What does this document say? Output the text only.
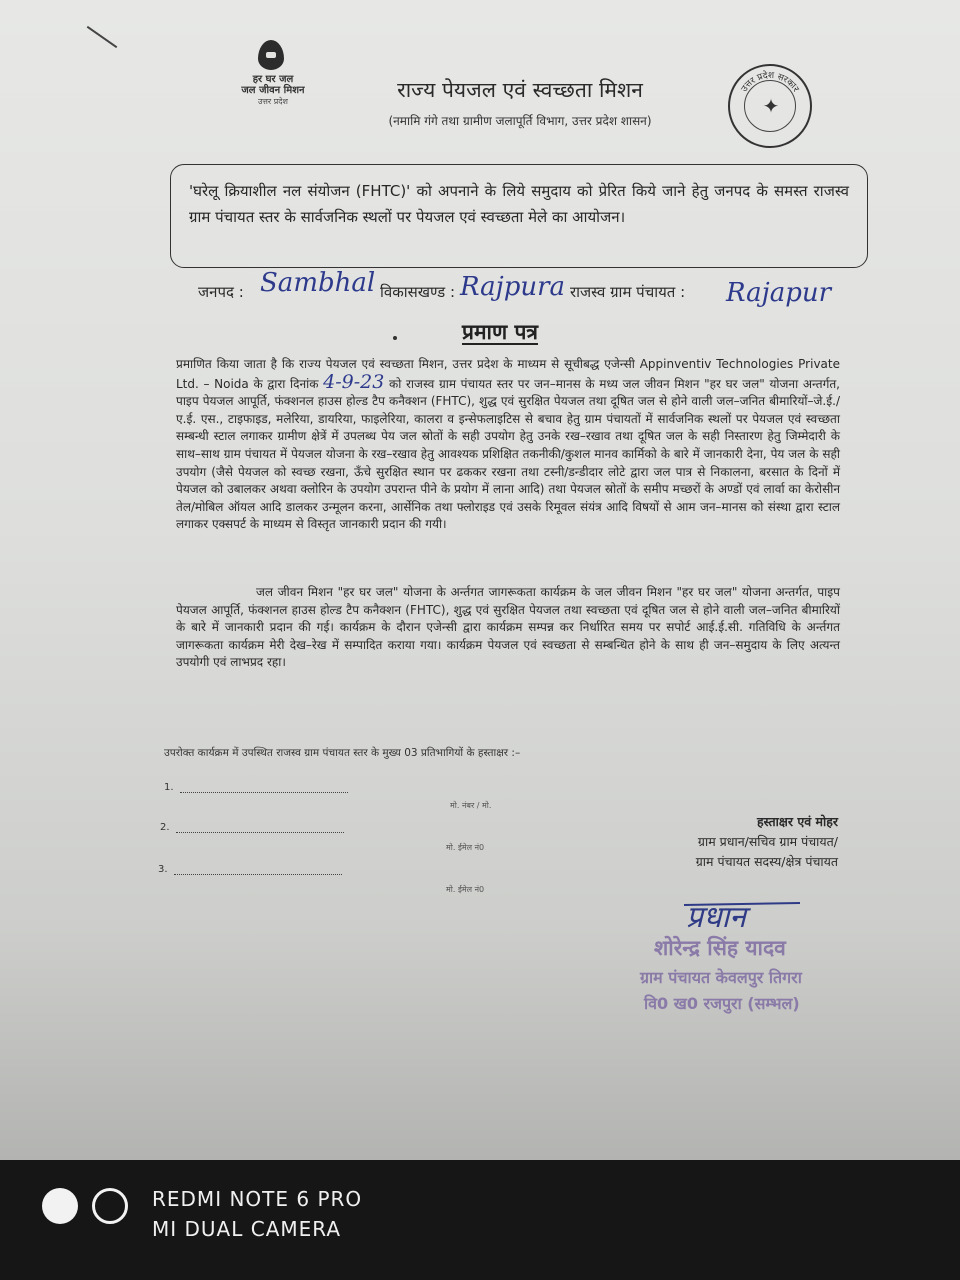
हर घर जल
जल जीवन मिशन
उत्तर प्रदेश
उत्तर प्रदेश सरकार
✦
राज्य पेयजल एवं स्वच्छता मिशन
(नमामि गंगे तथा ग्रामीण जलापूर्ति विभाग, उत्तर प्रदेश शासन)
'घरेलू क्रियाशील नल संयोजन (FHTC)' को अपनाने के लिये समुदाय को प्रेरित किये जाने हेतु जनपद के समस्त राजस्व ग्राम पंचायत स्तर के सार्वजनिक स्थलों पर पेयजल एवं स्वच्छता मेले का आयोजन।
जनपद : Sambhal विकासखण्ड : Rajpura राजस्व ग्राम पंचायत : Rajapur
प्रमाण पत्र
प्रमाणित किया जाता है कि राज्य पेयजल एवं स्वच्छता मिशन, उत्तर प्रदेश के माध्यम से सूचीबद्ध एजेन्सी Appinventiv Technologies Private Ltd. – Noida के द्वारा दिनांक 4-9-23 को राजस्व ग्राम पंचायत स्तर पर जन–मानस के मध्य जल जीवन मिशन "हर घर जल" योजना अन्तर्गत, पाइप पेयजल आपूर्ति, फंक्शनल हाउस होल्ड टैप कनैक्शन (FHTC), शुद्ध एवं सुरक्षित पेयजल तथा दूषित जल से होने वाली जल–जनित बीमारियों–जे.ई./ए.ई. एस., टाइफाइड, मलेरिया, डायरिया, फाइलेरिया, कालरा व इन्सेफलाइटिस से बचाव हेतु ग्राम पंचायतों में सार्वजनिक स्थलों पर पेयजल एवं स्वच्छता सम्बन्धी स्टाल लगाकर ग्रामीण क्षेत्रें में उपलब्ध पेय जल स्रोतों के सही उपयोग हेतु उनके रख–रखाव तथा दूषित जल के सही निस्तारण हेतु जिम्मेदारी के साथ–साथ ग्राम पंचायत में पेयजल योजना के रख–रखाव हेतु आवश्यक प्रशिक्षित तकनीकी/कुशल मानव कार्मिको के बारे में जानकारी देना, पेय जल के सही उपयोग (जैसे पेयजल को स्वच्छ रखना, ऊँचे सुरक्षित स्थान पर ढककर रखना तथा टस्नी/डन्डीदार लोटे द्वारा जल पात्र से निकालना, बरसात के दिनों में पेयजल को उबालकर अथवा क्लोरिन के उपयोग उपरान्त पीने के प्रयोग में लाना आदि) तथा पेयजल स्रोतों के समीप मच्छरों के अण्डों एवं लार्वा का केरोसीन तेल/मोबिल ऑयल आदि डालकर उन्मूलन करना, आर्सेनिक तथा फ्लोराइड एवं उसके रिमूवल संयंत्र आदि विषयों से आम जन–मानस को संस्था द्वारा स्टाल लगाकर एक्सपर्ट के माध्यम से विस्तृत जानकारी प्रदान की गयी।
जल जीवन मिशन "हर घर जल" योजना के अर्न्तगत जागरूकता कार्यक्रम के जल जीवन मिशन "हर घर जल" योजना अन्तर्गत, पाइप पेयजल आपूर्ति, फंक्शनल हाउस होल्ड टैप कनैक्शन (FHTC), शुद्ध एवं सुरक्षित पेयजल तथा स्वच्छता एवं दूषित जल से होने वाली जल–जनित बीमारियों के बारे में जानकारी प्रदान की गई। कार्यक्रम के दौरान एजेन्सी द्वारा कार्यक्रम सम्पन्न कर निर्धारित समय पर सपोर्ट आई.ई.सी. गतिविधि के अर्न्तगत जागरूकता कार्यक्रम मेरी देख–रेख में सम्पादित कराया गया। कार्यक्रम पेयजल एवं स्वच्छता से सम्बन्धित होने के साथ ही जन–समुदाय के लिए अत्यन्त उपयोगी एवं लाभप्रद रहा।
उपरोक्त कार्यक्रम में उपस्थित राजस्व ग्राम पंचायत स्तर के मुख्य 03 प्रतिभागियों के हस्ताक्षर :–
1.
मो. नंबर / मो.
2.
मो. ईमेल नं0
3.
मो. ईमेल नं0
हस्ताक्षर एवं मोहर
ग्राम प्रधान/सचिव ग्राम पंचायत/
ग्राम पंचायत सदस्य/क्षेत्र पंचायत
प्रधान
शोरेन्द्र सिंह यादव
ग्राम पंचायत केवलपुर तिगरा
वि0 ख0 रजपुरा (सम्भल)
REDMI NOTE 6 PRO
MI DUAL CAMERA
